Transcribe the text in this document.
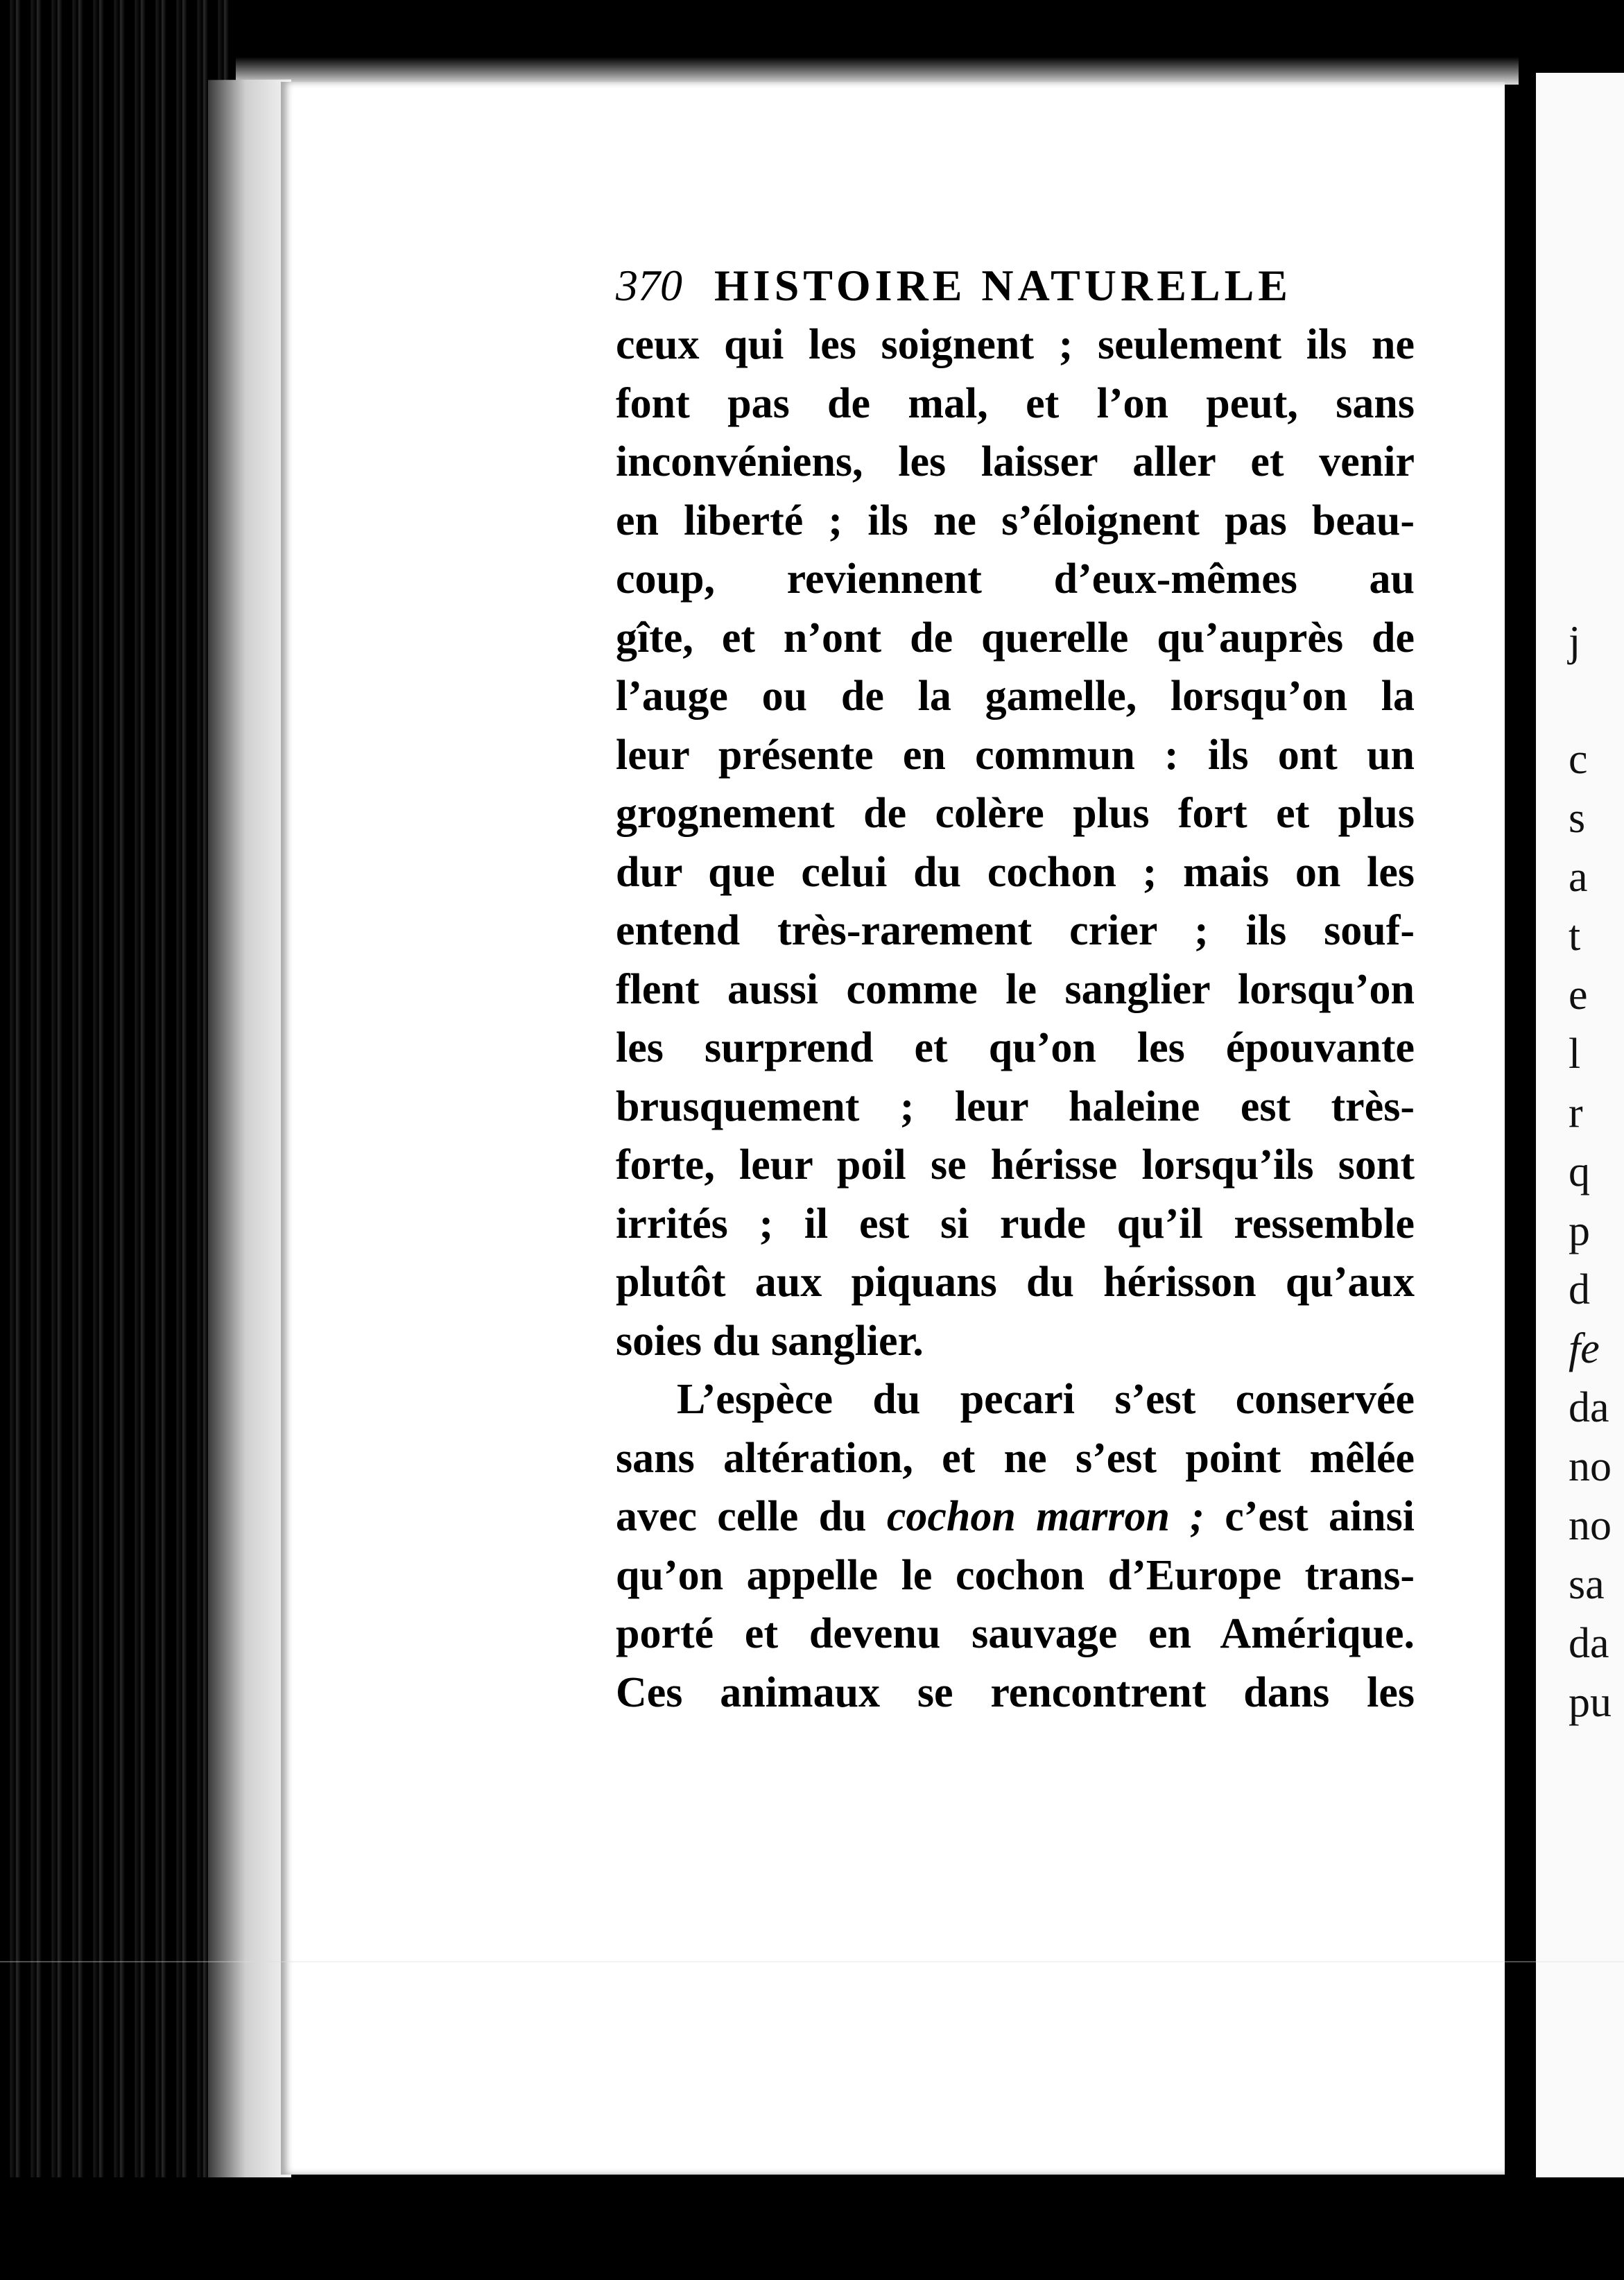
j
c
s
a
t
e
l
r
q
p
d
fe
da
no
no
sa
da
pu
370 HISTOIRE NATURELLE
ceux qui les soignent ; seulement ils ne
font pas de mal, et l’on peut, sans
inconvéniens, les laisser aller et venir
en liberté ; ils ne s’éloignent pas beau-
coup, reviennent d’eux-mêmes au
gîte, et n’ont de querelle qu’auprès de
l’auge ou de la gamelle, lorsqu’on la
leur présente en commun : ils ont un
grognement de colère plus fort et plus
dur que celui du cochon ; mais on les
entend très-rarement crier ; ils souf-
flent aussi comme le sanglier lorsqu’on
les surprend et qu’on les épouvante
brusquement ; leur haleine est très-
forte, leur poil se hérisse lorsqu’ils sont
irrités ; il est si rude qu’il ressemble
plutôt aux piquans du hérisson qu’aux
soies du sanglier.
L’espèce du pecari s’est conservée
sans altération, et ne s’est point mêlée
avec celle du cochon marron ; c’est ainsi
qu’on appelle le cochon d’Europe trans-
porté et devenu sauvage en Amérique.
Ces animaux se rencontrent dans les
